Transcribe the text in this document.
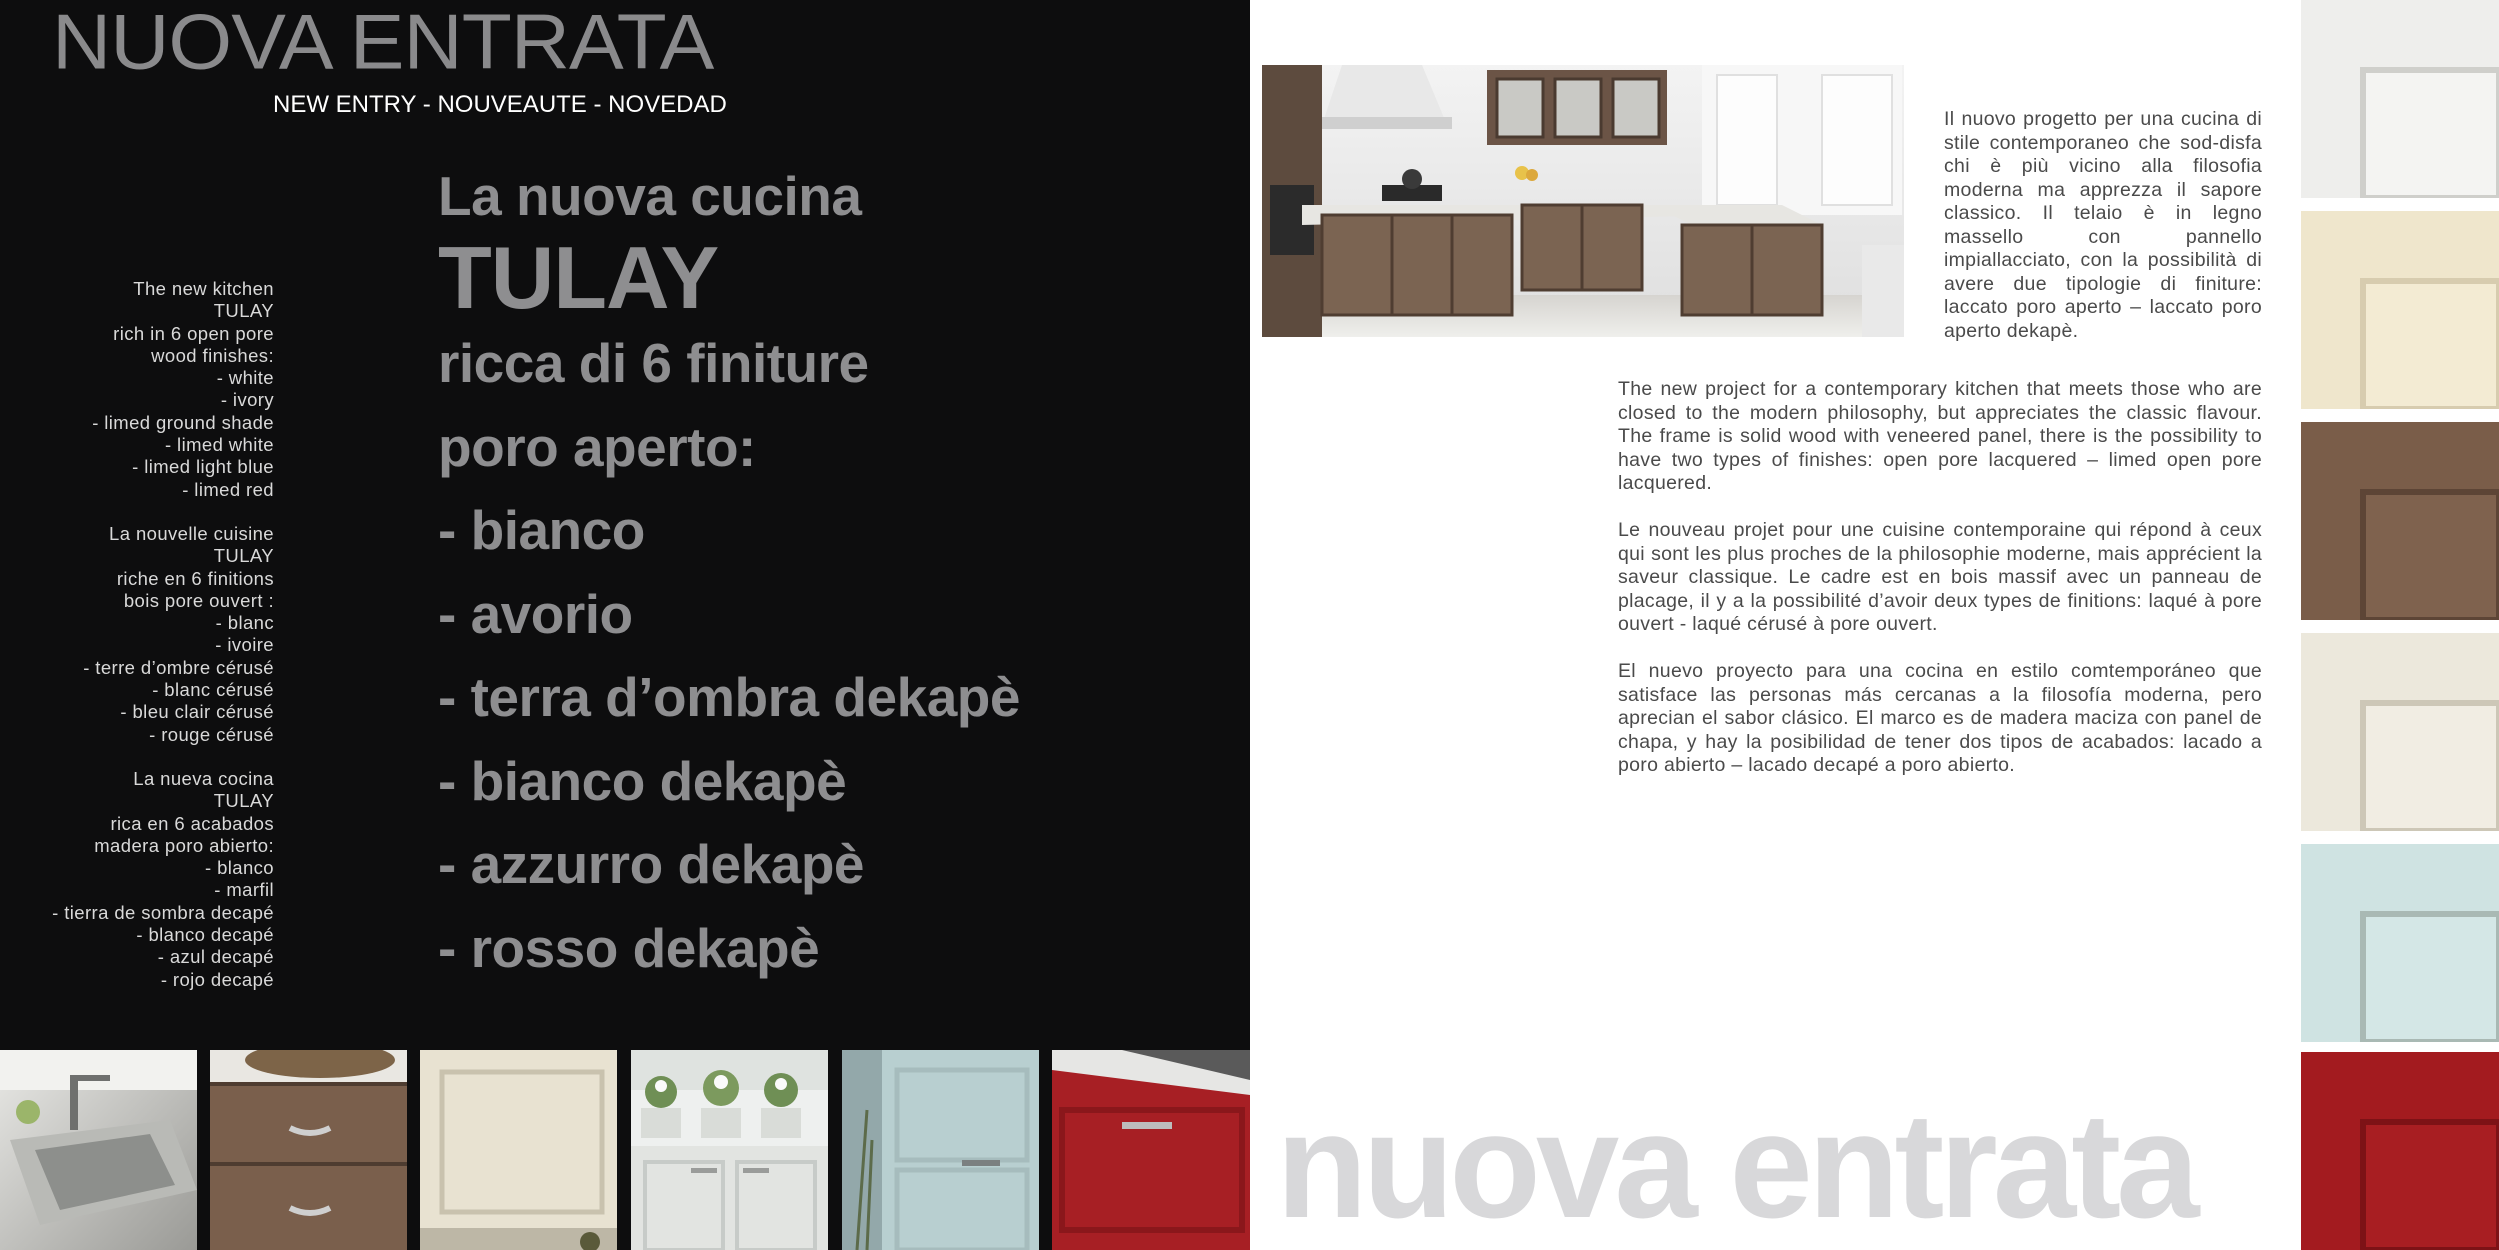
NUOVA ENTRATA
NEW ENTRY - NOUVEAUTE - NOVEDAD
The new kitchen
TULAY
rich in 6 open pore
wood finishes:
- white
- ivory
- limed ground shade
- limed white
- limed light blue
- limed red
La nouvelle cuisine
TULAY
riche en 6 finitions
bois pore ouvert :
- blanc
- ivoire
- terre d’ombre cérusé
- blanc cérusé
- bleu clair cérusé
- rouge cérusé
La nueva cocina
TULAY
rica en 6 acabados
madera poro abierto:
- blanco
- marfil
- tierra de sombra decapé
- blanco decapé
- azul decapé
- rojo decapé
La nuova cucina
TULAY
ricca di 6 finiture
poro aperto:
- bianco
- avorio
- terra d’ombra dekapè
- bianco dekapè
- azzurro dekapè
- rosso dekapè
Il nuovo progetto per una cucina di stile contemporaneo che sod-disfa chi è più vicino alla filosofia moderna ma apprezza il sapore classico. Il telaio è in legno massello con pannello impiallacciato, con la possibilità di avere due tipologie di finiture: laccato poro aperto – laccato poro aperto dekapè.

The new project for a contemporary kitchen that meets those who are closed to the modern philosophy, but appreciates the classic flavour. The frame is solid wood with veneered panel, there is the possibility to have two types of finishes: open pore lacquered – limed open pore lacquered.

Le nouveau projet pour une cuisine contemporaine qui répond à ceux qui sont les plus proches de la philosophie moderne, mais apprécient la saveur classique. Le cadre est en bois massif avec un panneau de placage, il y a la possibilité d’avoir deux types de finitions: laqué à pore ouvert - laqué cérusé à pore ouvert.

El nuevo proyecto para una cocina en estilo comtemporáneo que satisface las personas más cercanas a la filosofía moderna, pero aprecian el sabor clásico. El marco es de madera maciza con panel de chapa, y hay la posibilidad de tener dos tipos de acabados: lacado a poro abierto – lacado decapé a poro abierto.

nuova entrata
